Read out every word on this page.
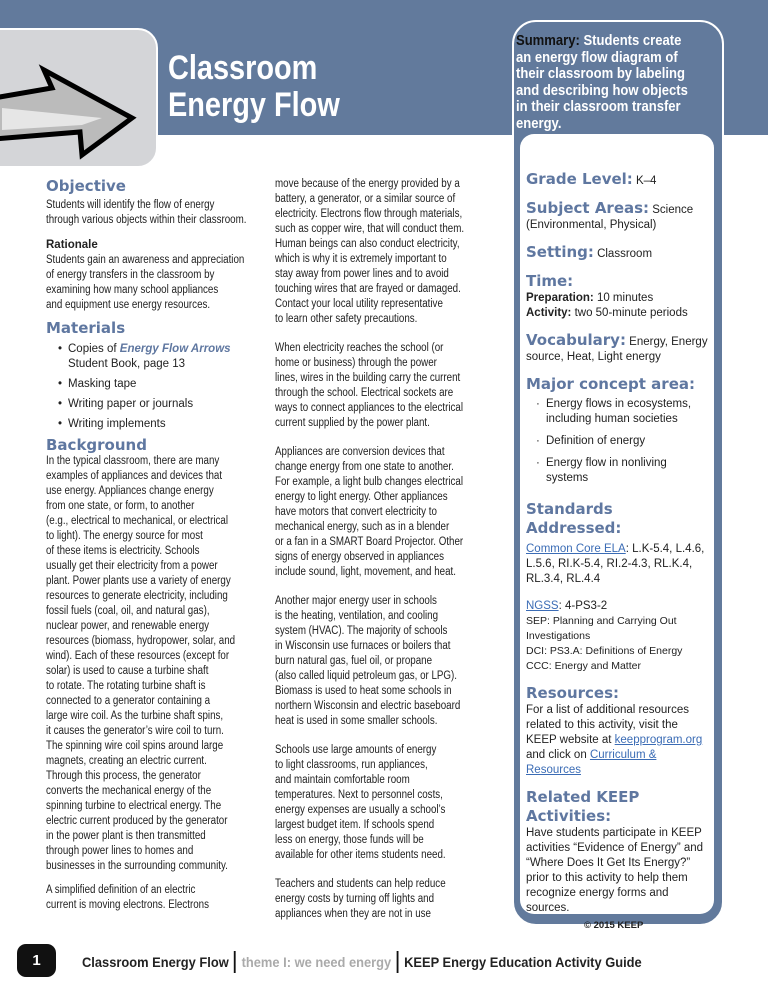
Classroom
Energy Flow
Summary: Students create an energy flow diagram of their classroom by labeling and describing how objects in their classroom transfer energy.
Grade Level: K–4
Subject Areas: Science (Environmental, Physical)
Setting: Classroom
Time:
Preparation: 10 minutes
Activity: two 50-minute periods
Vocabulary: Energy, Energy source, Heat, Light energy
Major concept area:
· Energy flows in ecosystems, including human societies
· Definition of energy
· Energy flow in nonliving systems
Standards Addressed:
Common Core ELA: L.K-5.4, L.4.6, L.5.6, RI.K-5.4, RI.2-4.3, RL.K.4, RL.3.4, RL.4.4
NGSS: 4-PS3-2
SEP: Planning and Carrying Out Investigations
DCI: PS3.A: Definitions of Energy
CCC: Energy and Matter
Resources:
For a list of additional resources related to this activity, visit the KEEP website at keepprogram.org and click on Curriculum & Resources
Related KEEP Activities:
Have students participate in KEEP activities “Evidence of Energy” and “Where Does It Get Its Energy?” prior to this activity to help them recognize energy forms and sources.
Objective
Students will identify the flow of energy
through various objects within their classroom.
Rationale
Students gain an awareness and appreciation
of energy transfers in the classroom by
examining how many school appliances
and equipment use energy resources.
Materials
• Copies of Energy Flow Arrows
Student Book, page 13
• Masking tape
• Writing paper or journals
• Writing implements
Background
In the typical classroom, there are many
examples of appliances and devices that
use energy. Appliances change energy
from one state, or form, to another
(e.g., electrical to mechanical, or electrical
to light). The energy source for most
of these items is electricity. Schools
usually get their electricity from a power
plant. Power plants use a variety of energy
resources to generate electricity, including
fossil fuels (coal, oil, and natural gas),
nuclear power, and renewable energy
resources (biomass, hydropower, solar, and
wind). Each of these resources (except for
solar) is used to cause a turbine shaft
to rotate. The rotating turbine shaft is
connected to a generator containing a
large wire coil. As the turbine shaft spins,
it causes the generator’s wire coil to turn.
The spinning wire coil spins around large
magnets, creating an electric current.
Through this process, the generator
converts the mechanical energy of the
spinning turbine to electrical energy. The
electric current produced by the generator
in the power plant is then transmitted
through power lines to homes and
businesses in the surrounding community.
A simplified definition of an electric
current is moving electrons. Electrons
move because of the energy provided by a
battery, a generator, or a similar source of
electricity. Electrons flow through materials,
such as copper wire, that will conduct them.
Human beings can also conduct electricity,
which is why it is extremely important to
stay away from power lines and to avoid
touching wires that are frayed or damaged.
Contact your local utility representative
to learn other safety precautions.
When electricity reaches the school (or
home or business) through the power
lines, wires in the building carry the current
through the school. Electrical sockets are
ways to connect appliances to the electrical
current supplied by the power plant.
Appliances are conversion devices that
change energy from one state to another.
For example, a light bulb changes electrical
energy to light energy. Other appliances
have motors that convert electricity to
mechanical energy, such as in a blender
or a fan in a SMART Board Projector. Other
signs of energy observed in appliances
include sound, light, movement, and heat.
Another major energy user in schools
is the heating, ventilation, and cooling
system (HVAC). The majority of schools
in Wisconsin use furnaces or boilers that
burn natural gas, fuel oil, or propane
(also called liquid petroleum gas, or LPG).
Biomass is used to heat some schools in
northern Wisconsin and electric baseboard
heat is used in some smaller schools.
Schools use large amounts of energy
to light classrooms, run appliances,
and maintain comfortable room
temperatures. Next to personnel costs,
energy expenses are usually a school’s
largest budget item. If schools spend
less on energy, those funds will be
available for other items students need.
Teachers and students can help reduce
energy costs by turning off lights and
appliances when they are not in use
© 2015 KEEP
1	Classroom Energy Flow theme I: we need energy KEEP Energy Education Activity Guide
